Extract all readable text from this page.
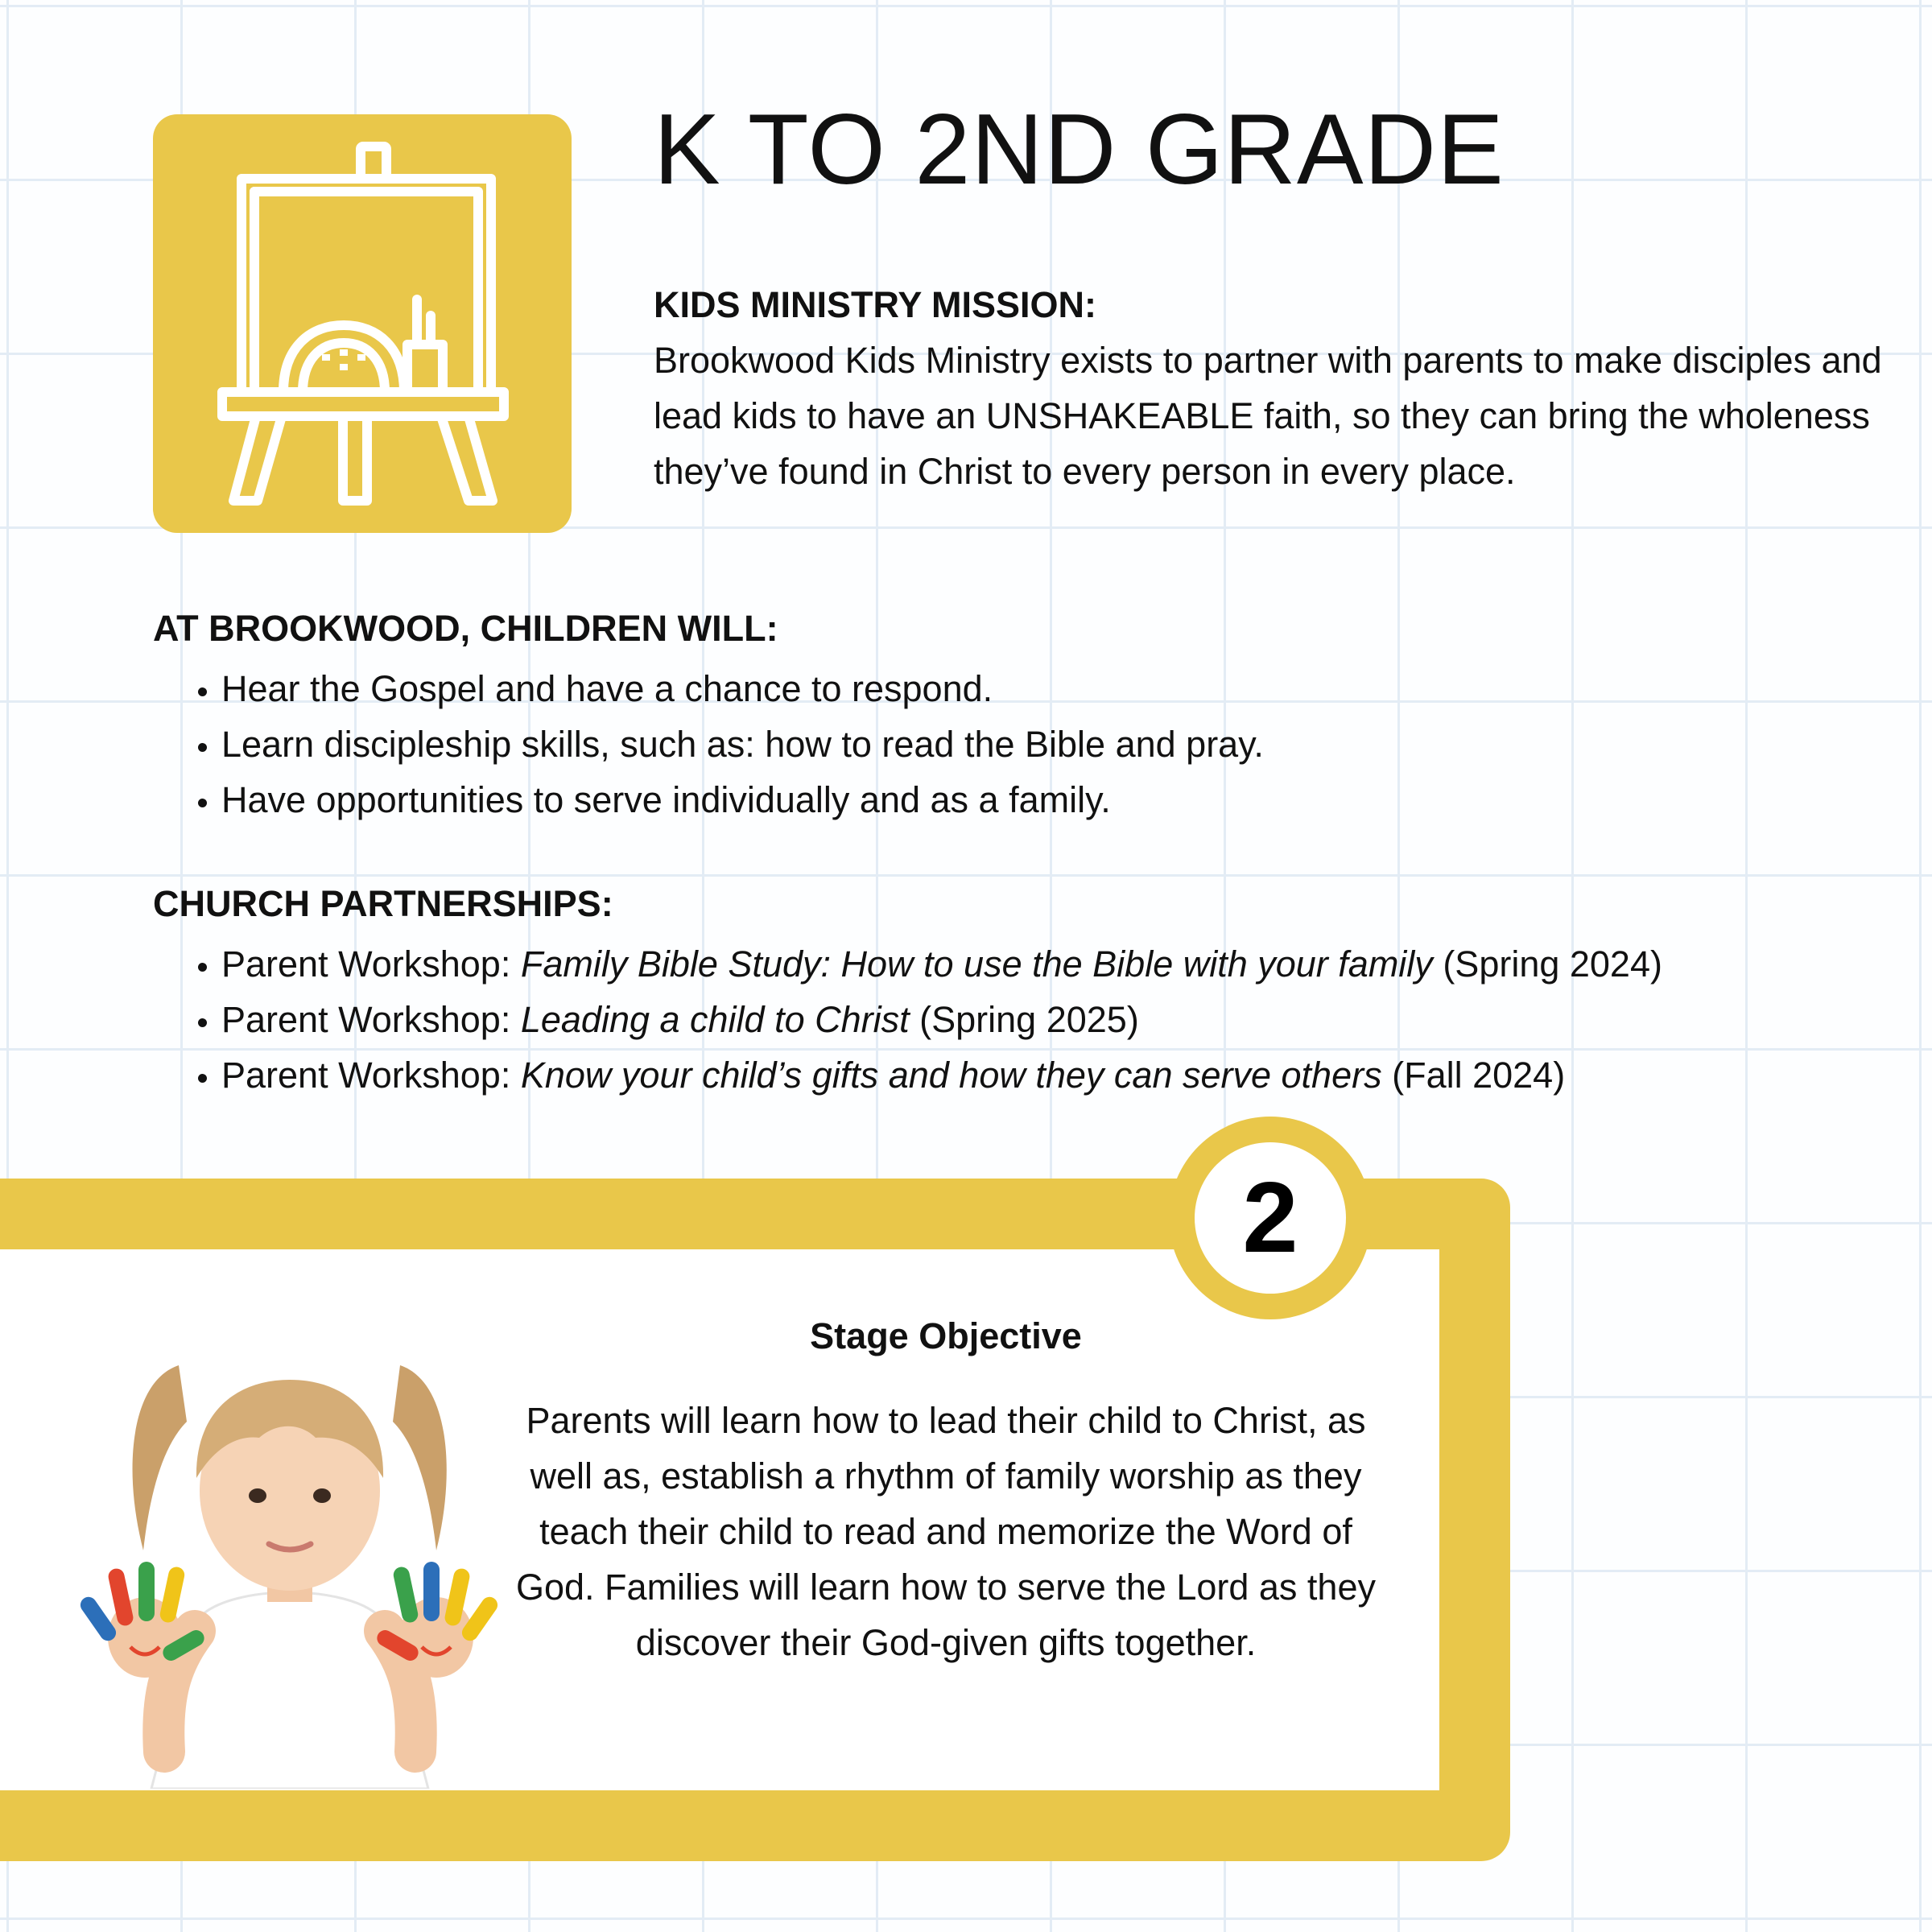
K TO 2ND GRADE
KIDS MINISTRY MISSION:

Brookwood Kids Ministry exists to partner with parents to make disciples and lead kids to have an UNSHAKEABLE faith, so they can bring the wholeness they’ve found in Christ to every person in every place.

AT BROOKWOOD, CHILDREN WILL:
• Hear the Gospel and have a chance to respond.
• Learn discipleship skills, such as: how to read the Bible and pray.
• Have opportunities to serve individually and as a family.
CHURCH PARTNERSHIPS:
• Parent Workshop: Family Bible Study: How to use the Bible with your family (Spring 2024)
• Parent Workshop: Leading a child to Christ (Spring 2025)
• Parent Workshop: Know your child’s gifts and how they can serve others (Fall 2024)
2
Stage Objective

Parents will learn how to lead their child to Christ, as well as, establish a rhythm of family worship as they teach their child to read and memorize the Word of God. Families will learn how to serve the Lord as they discover their God-given gifts together.
